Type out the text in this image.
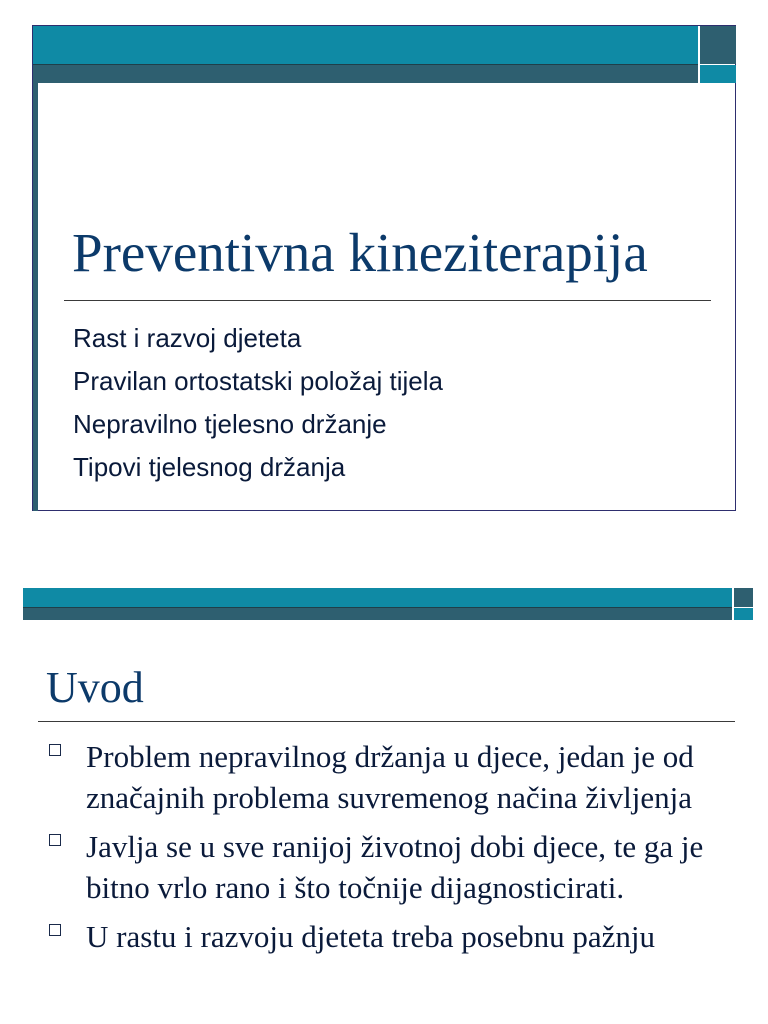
Preventivna kineziterapija
Rast i razvoj djeteta
Pravilan ortostatski položaj tijela
Nepravilno tjelesno držanje
Tipovi tjelesnog držanja
Uvod
Problem nepravilnog držanja u djece, jedan je od značajnih problema suvremenog načina življenja
Javlja se u sve ranijoj životnoj dobi djece, te ga je bitno vrlo rano i što točnije dijagnosticirati.
U rastu i razvoju djeteta treba posebnu pažnju
